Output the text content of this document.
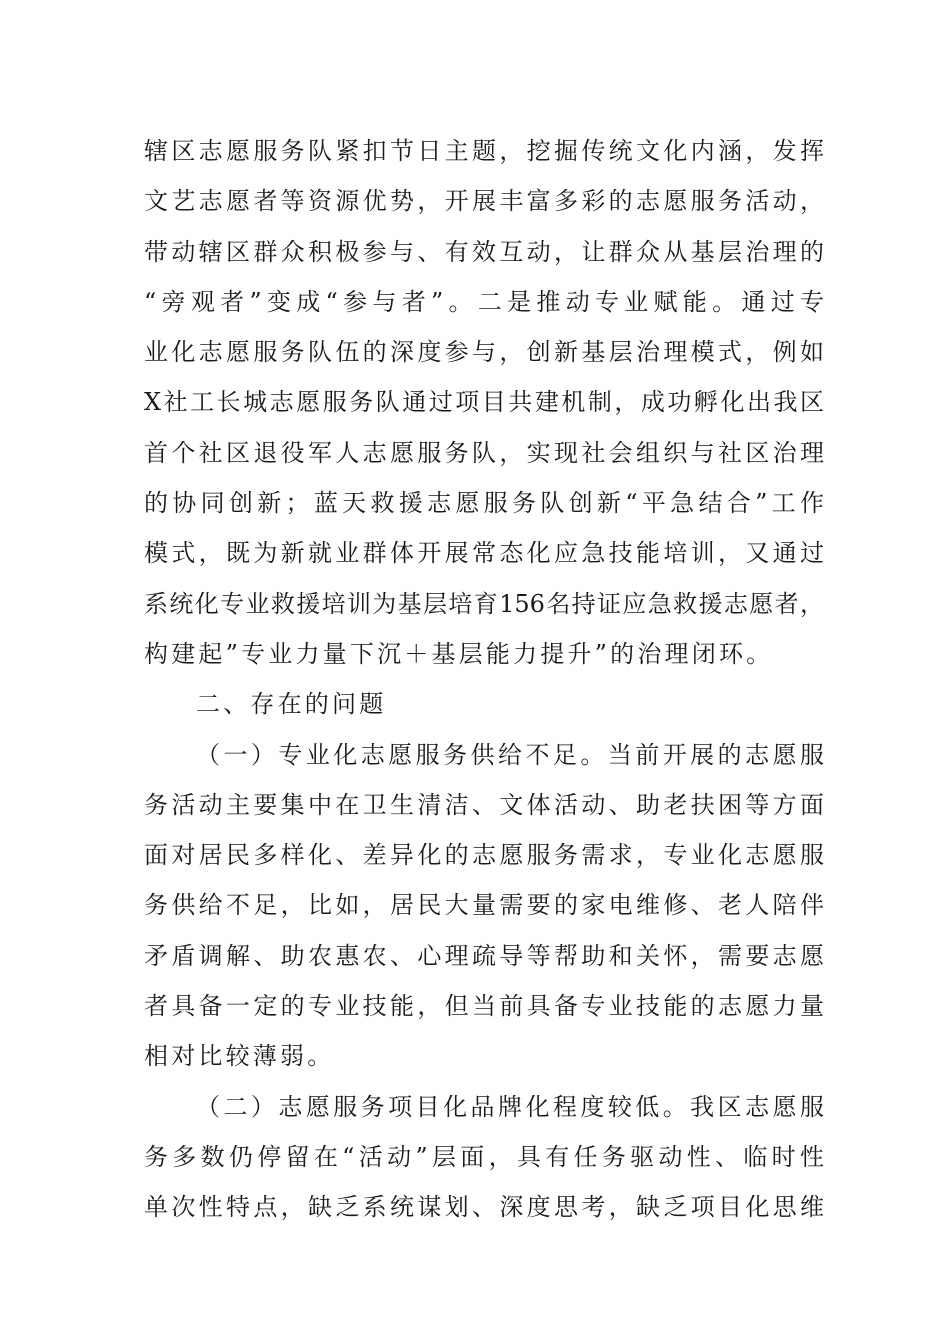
辖区志愿服务队紧扣节日主题，挖掘传统文化内涵，发挥
文艺志愿者等资源优势，开展丰富多彩的志愿服务活动，
带动辖区群众积极参与、有效互动，让群众从基层治理的
“旁观者”变成“参与者”。二是推动专业赋能。通过专
业化志愿服务队伍的深度参与，创新基层治理模式，例如
X社工长城志愿服务队通过项目共建机制，成功孵化出我区
首个社区退役军人志愿服务队，实现社会组织与社区治理
的协同创新；蓝天救援志愿服务队创新“平急结合”工作
模式，既为新就业群体开展常态化应急技能培训，又通过
系统化专业救援培训为基层培育156名持证应急救援志愿者，
构建起”专业力量下沉＋基层能力提升”的治理闭环。
二、存在的问题
（一）专业化志愿服务供给不足。当前开展的志愿服
务活动主要集中在卫生清洁、文体活动、助老扶困等方面
面对居民多样化、差异化的志愿服务需求，专业化志愿服
务供给不足，比如，居民大量需要的家电维修、老人陪伴
矛盾调解、助农惠农、心理疏导等帮助和关怀，需要志愿
者具备一定的专业技能，但当前具备专业技能的志愿力量
相对比较薄弱。
（二）志愿服务项目化品牌化程度较低。我区志愿服
务多数仍停留在“活动”层面，具有任务驱动性、临时性
单次性特点，缺乏系统谋划、深度思考，缺乏项目化思维
